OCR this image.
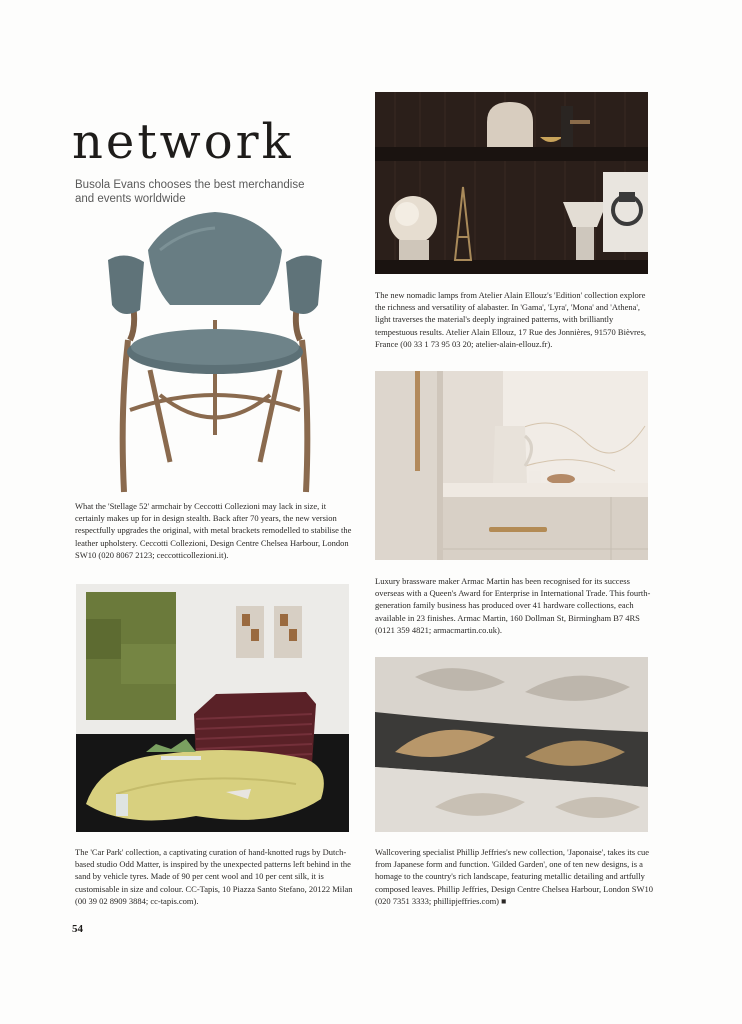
network

Busola Evans chooses the best merchandise and events worldwide

What the 'Stellage 52' armchair by Ceccotti Collezioni may lack in size, it certainly makes up for in design stealth. Back after 70 years, the new version respectfully upgrades the original, with metal brackets remodelled to stabilise the leather upholstery. Ceccotti Collezioni, Design Centre Chelsea Harbour, London SW10 (020 8067 2123; ceccotticollezioni.it).

The new nomadic lamps from Atelier Alain Ellouz's 'Edition' collection explore the richness and versatility of alabaster. In 'Gama', 'Lyra', 'Mona' and 'Athena', light traverses the material's deeply ingrained patterns, with brilliantly tempestuous results. Atelier Alain Ellouz, 17 Rue des Jonnières, 91570 Bièvres, France (00 33 1 73 95 03 20; atelier-alain-ellouz.fr).

Luxury brassware maker Armac Martin has been recognised for its success overseas with a Queen's Award for Enterprise in International Trade. This fourth-generation family business has produced over 41 hardware collections, each available in 23 finishes. Armac Martin, 160 Dollman St, Birmingham B7 4RS (0121 359 4821; armacmartin.co.uk).

The 'Car Park' collection, a captivating curation of hand-knotted rugs by Dutch-based studio Odd Matter, is inspired by the unexpected patterns left behind in the sand by vehicle tyres. Made of 90 per cent wool and 10 per cent silk, it is customisable in size and colour. CC-Tapis, 10 Piazza Santo Stefano, 20122 Milan (00 39 02 8909 3884; cc-tapis.com).

Wallcovering specialist Phillip Jeffries's new collection, 'Japonaise', takes its cue from Japanese form and function. 'Gilded Garden', one of ten new designs, is a homage to the country's rich landscape, featuring metallic detailing and artfully composed leaves. Phillip Jeffries, Design Centre Chelsea Harbour, London SW10 (020 7351 3333; phillipjeffries.com) ■

54
